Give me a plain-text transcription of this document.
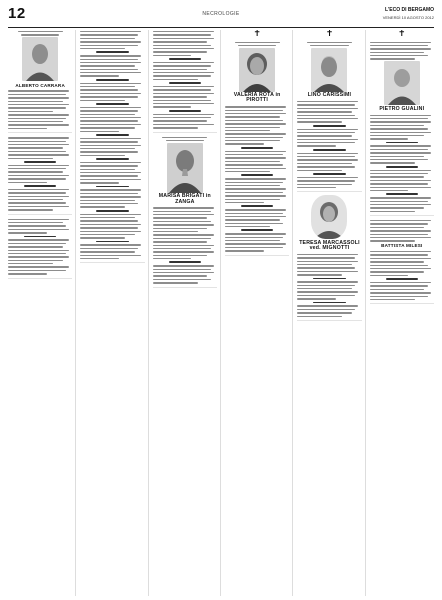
12	NECROLOGIE
L'ECO DI BERGAMO
VENERDÌ 10 AGOSTO 2012
ALBERTO CARRARA
MARISA BRIGATI in ZANGA
✝
VALERIA ROTA in PIROTTI
✝
LINO CARISSIMI
TERESA MARCASSOLI ved. MIGNOTTI
✝
PIETRO GUALINI
BATTISTA MILESI
